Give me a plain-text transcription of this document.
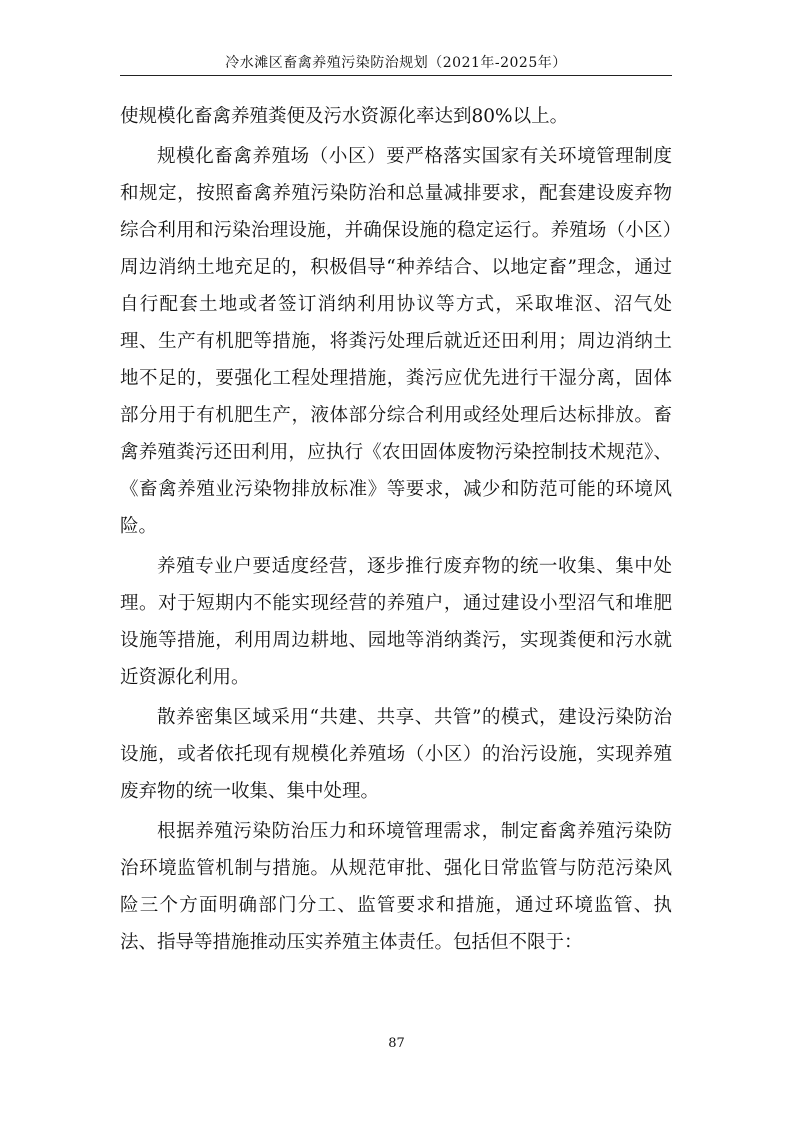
冷水滩区畜禽养殖污染防治规划（2021年-2025年）

使规模化畜禽养殖粪便及污水资源化率达到80%以上。

规模化畜禽养殖场（小区）要严格落实国家有关环境管理制度和规定，按照畜禽养殖污染防治和总量减排要求，配套建设废弃物综合利用和污染治理设施，并确保设施的稳定运行。养殖场（小区）周边消纳土地充足的，积极倡导“种养结合、以地定畜”理念，通过自行配套土地或者签订消纳利用协议等方式，采取堆沤、沼气处理、生产有机肥等措施，将粪污处理后就近还田利用；周边消纳土地不足的，要强化工程处理措施，粪污应优先进行干湿分离，固体部分用于有机肥生产，液体部分综合利用或经处理后达标排放。畜禽养殖粪污还田利用，应执行《农田固体废物污染控制技术规范》、《畜禽养殖业污染物排放标准》等要求，减少和防范可能的环境风险。

养殖专业户要适度经营，逐步推行废弃物的统一收集、集中处理。对于短期内不能实现经营的养殖户，通过建设小型沼气和堆肥设施等措施，利用周边耕地、园地等消纳粪污，实现粪便和污水就近资源化利用。

散养密集区域采用“共建、共享、共管”的模式，建设污染防治设施，或者依托现有规模化养殖场（小区）的治污设施，实现养殖废弃物的统一收集、集中处理。

根据养殖污染防治压力和环境管理需求，制定畜禽养殖污染防治环境监管机制与措施。从规范审批、强化日常监管与防范污染风险三个方面明确部门分工、监管要求和措施，通过环境监管、执法、指导等措施推动压实养殖主体责任。包括但不限于：

87
